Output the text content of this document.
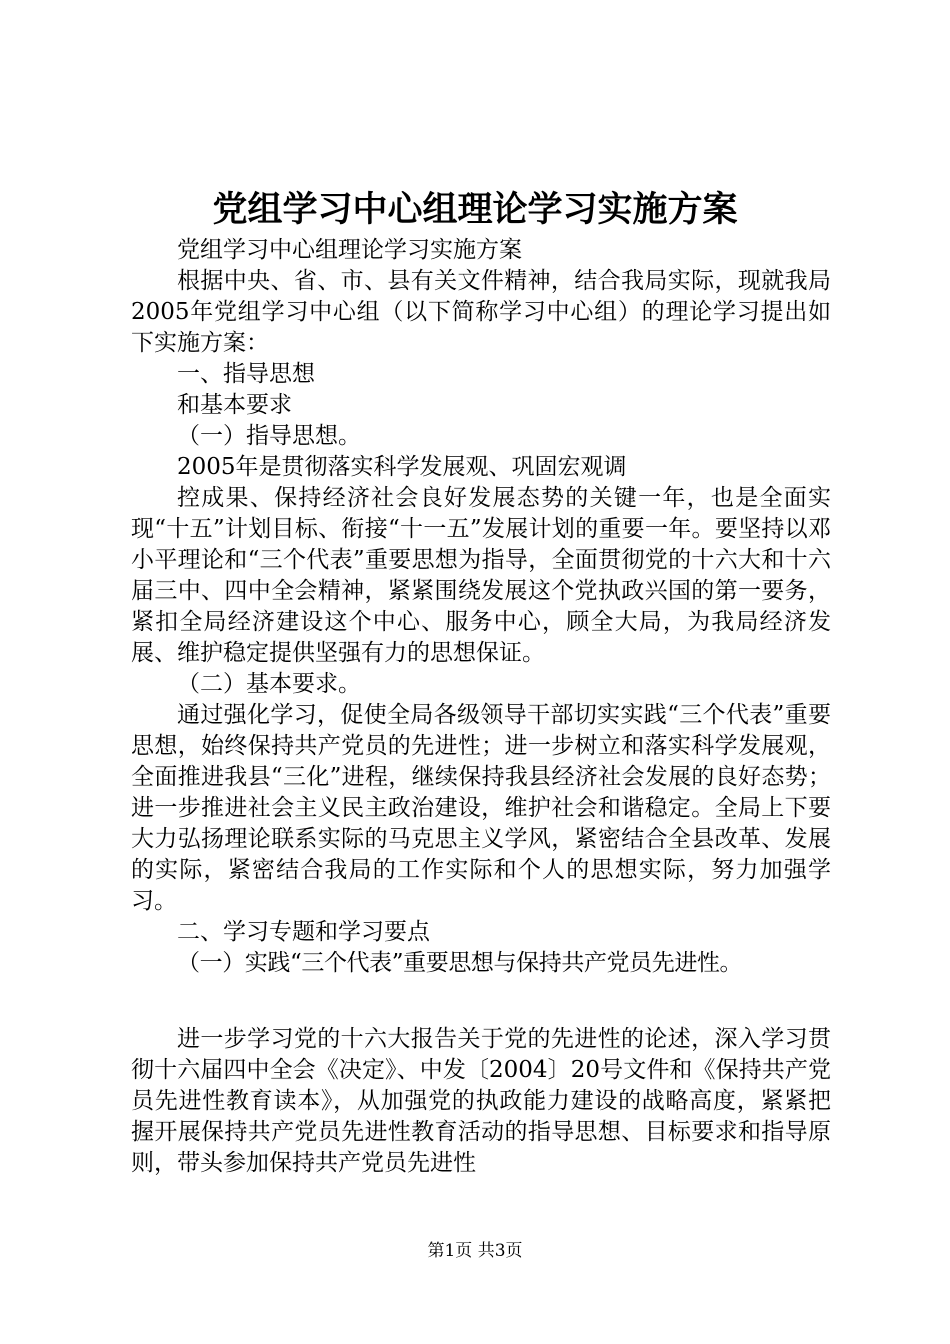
党组学习中心组理论学习实施方案

党组学习中心组理论学习实施方案

根据中央、省、市、县有关文件精神，结合我局实际，现就我局2005年党组学习中心组（以下简称学习中心组）的理论学习提出如下实施方案：

一、指导思想

和基本要求

（一）指导思想。

2005年是贯彻落实科学发展观、巩固宏观调

控成果、保持经济社会良好发展态势的关键一年，也是全面实现“十五”计划目标、衔接“十一五”发展计划的重要一年。要坚持以邓小平理论和“三个代表”重要思想为指导，全面贯彻党的十六大和十六届三中、四中全会精神，紧紧围绕发展这个党执政兴国的第一要务，紧扣全局经济建设这个中心、服务中心，顾全大局，为我局经济发展、维护稳定提供坚强有力的思想保证。

（二）基本要求。

通过强化学习，促使全局各级领导干部切实实践“三个代表”重要思想，始终保持共产党员的先进性；进一步树立和落实科学发展观，全面推进我县“三化”进程，继续保持我县经济社会发展的良好态势；进一步推进社会主义民主政治建设，维护社会和谐稳定。全局上下要大力弘扬理论联系实际的马克思主义学风，紧密结合全县改革、发展的实际，紧密结合我局的工作实际和个人的思想实际，努力加强学习。

二、学习专题和学习要点

（一）实践“三个代表”重要思想与保持共产党员先进性。

进一步学习党的十六大报告关于党的先进性的论述，深入学习贯彻十六届四中全会《决定》、中发〔2004〕20号文件和《保持共产党员先进性教育读本》，从加强党的执政能力建设的战略高度，紧紧把握开展保持共产党员先进性教育活动的指导思想、目标要求和指导原则，带头参加保持共产党员先进性

第1页 共3页
